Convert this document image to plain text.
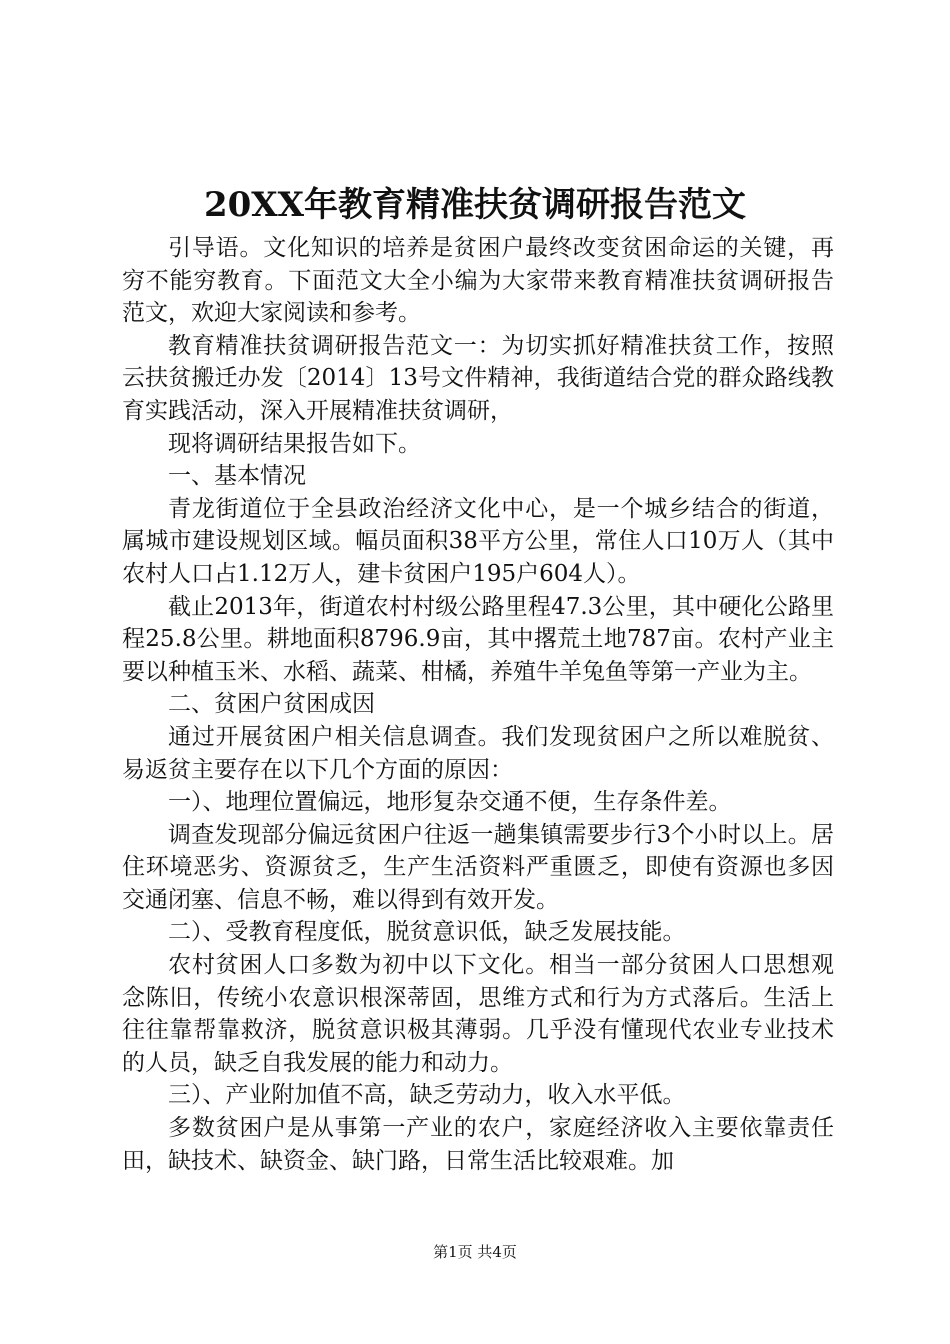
20XX年教育精准扶贫调研报告范文

引导语。文化知识的培养是贫困户最终改变贫困命运的关键，再穷不能穷教育。下面范文大全小编为大家带来教育精准扶贫调研报告范文，欢迎大家阅读和参考。

教育精准扶贫调研报告范文一：为切实抓好精准扶贫工作，按照云扶贫搬迁办发〔2014〕13号文件精神，我街道结合党的群众路线教育实践活动，深入开展精准扶贫调研，

现将调研结果报告如下。

一、基本情况

青龙街道位于全县政治经济文化中心，是一个城乡结合的街道，属城市建设规划区域。幅员面积38平方公里，常住人口10万人（其中农村人口占1.12万人，建卡贫困户195户604人）。

截止2013年，街道农村村级公路里程47.3公里，其中硬化公路里程25.8公里。耕地面积8796.9亩，其中撂荒土地787亩。农村产业主要以种植玉米、水稻、蔬菜、柑橘，养殖牛羊兔鱼等第一产业为主。

二、贫困户贫困成因

通过开展贫困户相关信息调查。我们发现贫困户之所以难脱贫、易返贫主要存在以下几个方面的原因：

一）、地理位置偏远，地形复杂交通不便，生存条件差。

调查发现部分偏远贫困户往返一趟集镇需要步行3个小时以上。居住环境恶劣、资源贫乏，生产生活资料严重匮乏，即使有资源也多因交通闭塞、信息不畅，难以得到有效开发。

二）、受教育程度低，脱贫意识低，缺乏发展技能。

农村贫困人口多数为初中以下文化。相当一部分贫困人口思想观念陈旧，传统小农意识根深蒂固，思维方式和行为方式落后。生活上往往靠帮靠救济，脱贫意识极其薄弱。几乎没有懂现代农业专业技术的人员，缺乏自我发展的能力和动力。

三）、产业附加值不高，缺乏劳动力，收入水平低。

多数贫困户是从事第一产业的农户，家庭经济收入主要依靠责任田，缺技术、缺资金、缺门路，日常生活比较艰难。加

第1页 共4页
